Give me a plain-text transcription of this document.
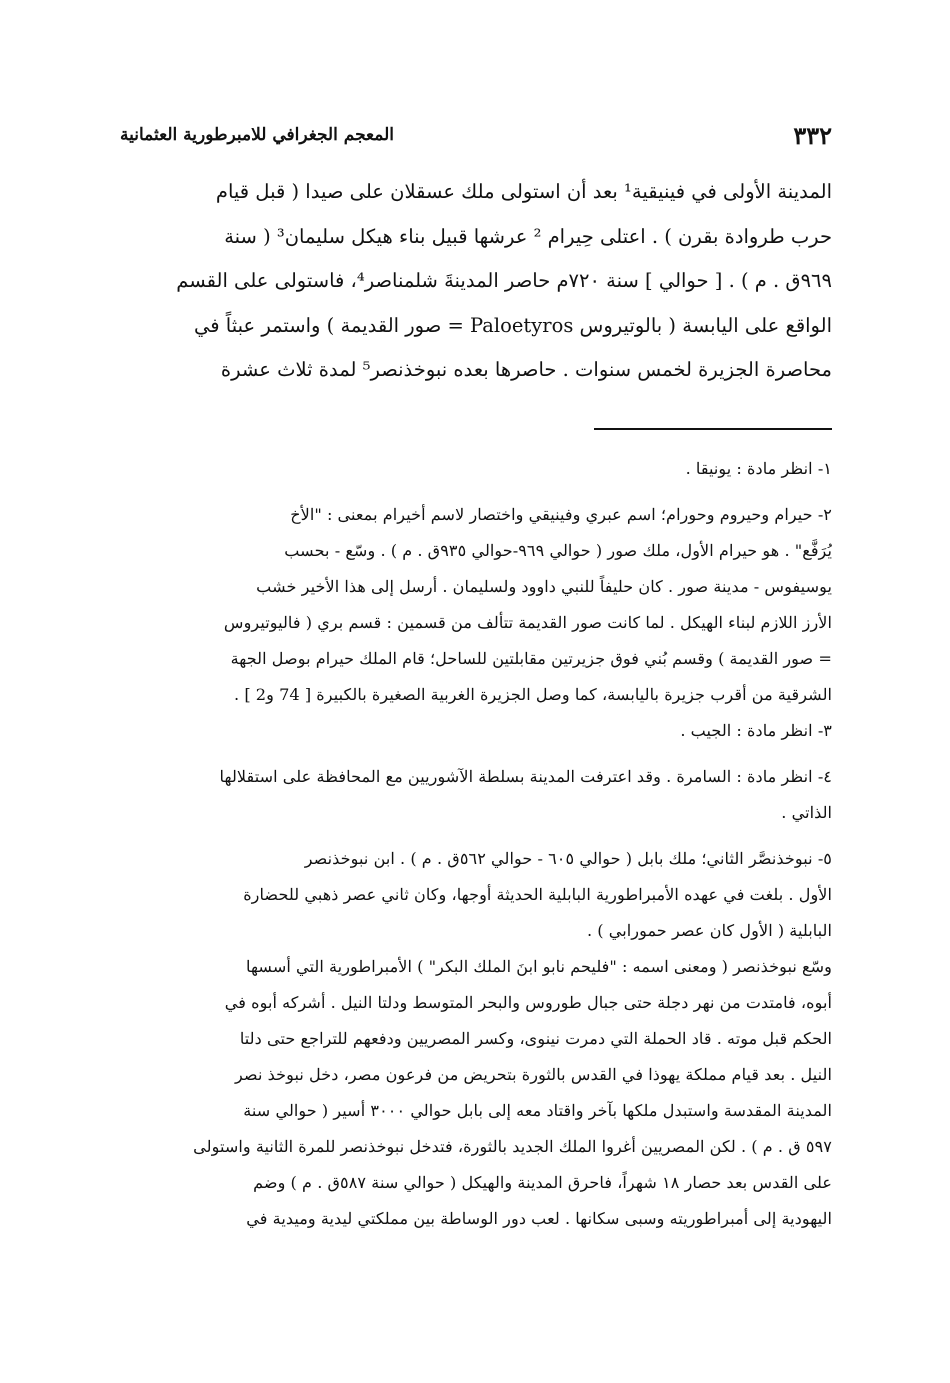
٣٣٢
المعجم الجغرافي للامبرطورية العثمانية
المدينة الأولى في فينيقية¹ بعد أن استولى ملك عسقلان على صيدا ( قبل قيام
حرب طروادة بقرن ) . اعتلى حِيرام ² عرشها قبيل بناء هيكل سليمان³ ( سنة
٩٦٩ق . م ) . [ حوالي ] سنة ٧٢٠م حاصر المدينةَ شلمناصر⁴، فاستولى على القسم
الواقع على اليابسة ( بالوتيروس Paloetyros = صور القديمة ) واستمر عبثاً في
محاصرة الجزيرة لخمس سنوات . حاصرها بعده نبوخذنصر⁵ لمدة ثلاث عشرة
١- انظر مادة : يونيقا .
٢- حيرام وحيروم وحورام؛ اسم عبري وفينيقي واختصار لاسم أخيرام بمعنى : "الأخ
يُرَفَّع" . هو حيرام الأول، ملك صور ( حوالي ٩٦٩-حوالي ٩٣٥ق . م ) . وسّع - بحسب
يوسيفوس - مدينة صور . كان حليفاً للنبي داوود ولسليمان . أرسل إلى هذا الأخير خشب
الأرز اللازم لبناء الهيكل . لما كانت صور القديمة تتألف من قسمين : قسم بري ( فاليوتيروس
= صور القديمة ) وقسم بُني فوق جزيرتين مقابلتين للساحل؛ قام الملك حيرام بوصل الجهة
الشرقية من أقرب جزيرة باليابسة، كما وصل الجزيرة الغربية الصغيرة بالكبيرة [ 74 و2 ] .
٣- انظر مادة : الجيب .
٤- انظر مادة : السامرة . وقد اعترفت المدينة بسلطة الآشوريين مع المحافظة على استقلالها
الذاتي .
٥- نبوخذنصَّر الثاني؛ ملك بابل ( حوالي ٦٠٥ - حوالي ٥٦٢ق . م ) . ابن نبوخذنصر
الأول . بلغت في عهده الأمبراطورية البابلية الحديثة أوجها، وكان ثاني عصر ذهبي للحضارة
البابلية ( الأول كان عصر حمورابي ) .
وسّع نبوخذنصر ( ومعنى اسمه : "فليحم نابو ابنَ الملك البكر" ) الأمبراطورية التي أسسها
أبوه، فامتدت من نهر دجلة حتى جبال طوروس والبحر المتوسط ودلتا النيل . أشركه أبوه في
الحكم قبل موته . قاد الحملة التي دمرت نينوى، وكسر المصريين ودفعهم للتراجع حتى دلتا
النيل . بعد قيام مملكة يهوذا في القدس بالثورة بتحريض من فرعون مصر، دخل نبوخذ نصر
المدينة المقدسة واستبدل ملكها بآخر واقتاد معه إلى بابل حوالي ٣٠٠٠ أسير ( حوالي سنة
٥٩٧ ق . م ) . لكن المصريين أغروا الملك الجديد بالثورة، فتدخل نبوخذنصر للمرة الثانية واستولى
على القدس بعد حصار ١٨ شهراً، فاحرق المدينة والهيكل ( حوالي سنة ٥٨٧ق . م ) وضم
اليهودية إلى أمبراطوريته وسبى سكانها . لعب دور الوساطة بين مملكتي ليدية وميدية في
